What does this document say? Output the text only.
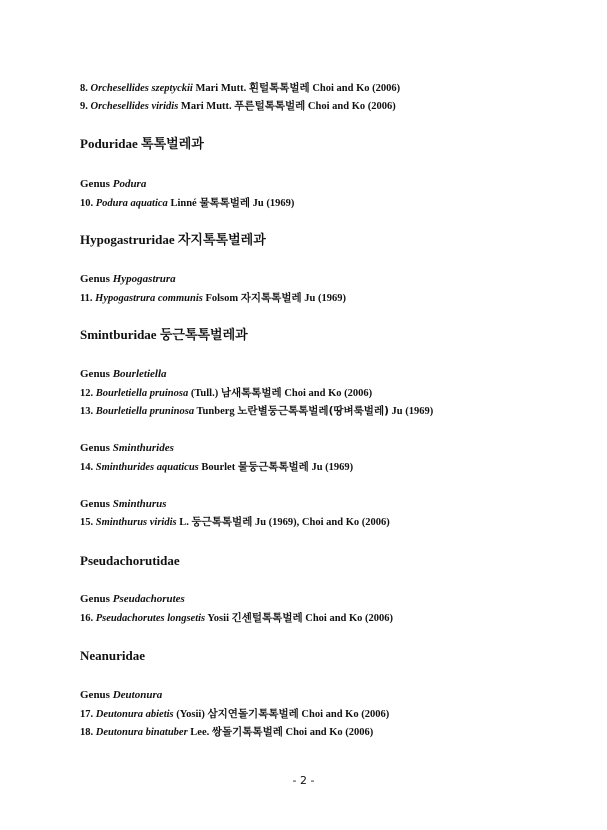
8. Orchesellides szeptyckii Mari Mutt. 흰털톡톡벌레 Choi and Ko (2006)
9. Orchesellides viridis Mari Mutt. 푸른털톡톡벌레 Choi and Ko (2006)
Poduridae 톡톡벌레과
Genus Podura
10. Podura aquatica Linné 물톡톡벌레 Ju (1969)
Hypogastruridae 자지톡톡벌레과
Genus Hypogastrura
11. Hypogastrura communis Folsom 자지톡톡벌레 Ju (1969)
Smintburidae 둥근톡톡벌레과
Genus Bourletiella
12. Bourletiella pruinosa (Tull.) 남새톡톡벌레 Choi and Ko (2006)
13. Bourletiella pruninosa Tunberg 노란별둥근톡톡벌레(땅벼룩벌레) Ju (1969)
Genus Sminthurides
14. Sminthurides aquaticus Bourlet 물둥근톡톡벌레 Ju (1969)
Genus Sminthurus
15. Sminthurus viridis L. 둥근톡톡벌레 Ju (1969), Choi and Ko (2006)
Pseudachorutidae
Genus Pseudachorutes
16. Pseudachorutes longsetis Yosii 긴센털톡톡벌레 Choi and Ko (2006)
Neanuridae
Genus Deutonura
17. Deutonura abietis (Yosii) 삼지연돌기톡톡벌레 Choi and Ko (2006)
18. Deutonura binatuber Lee. 쌍돌기톡톡벌레 Choi and Ko (2006)
- 2 -
